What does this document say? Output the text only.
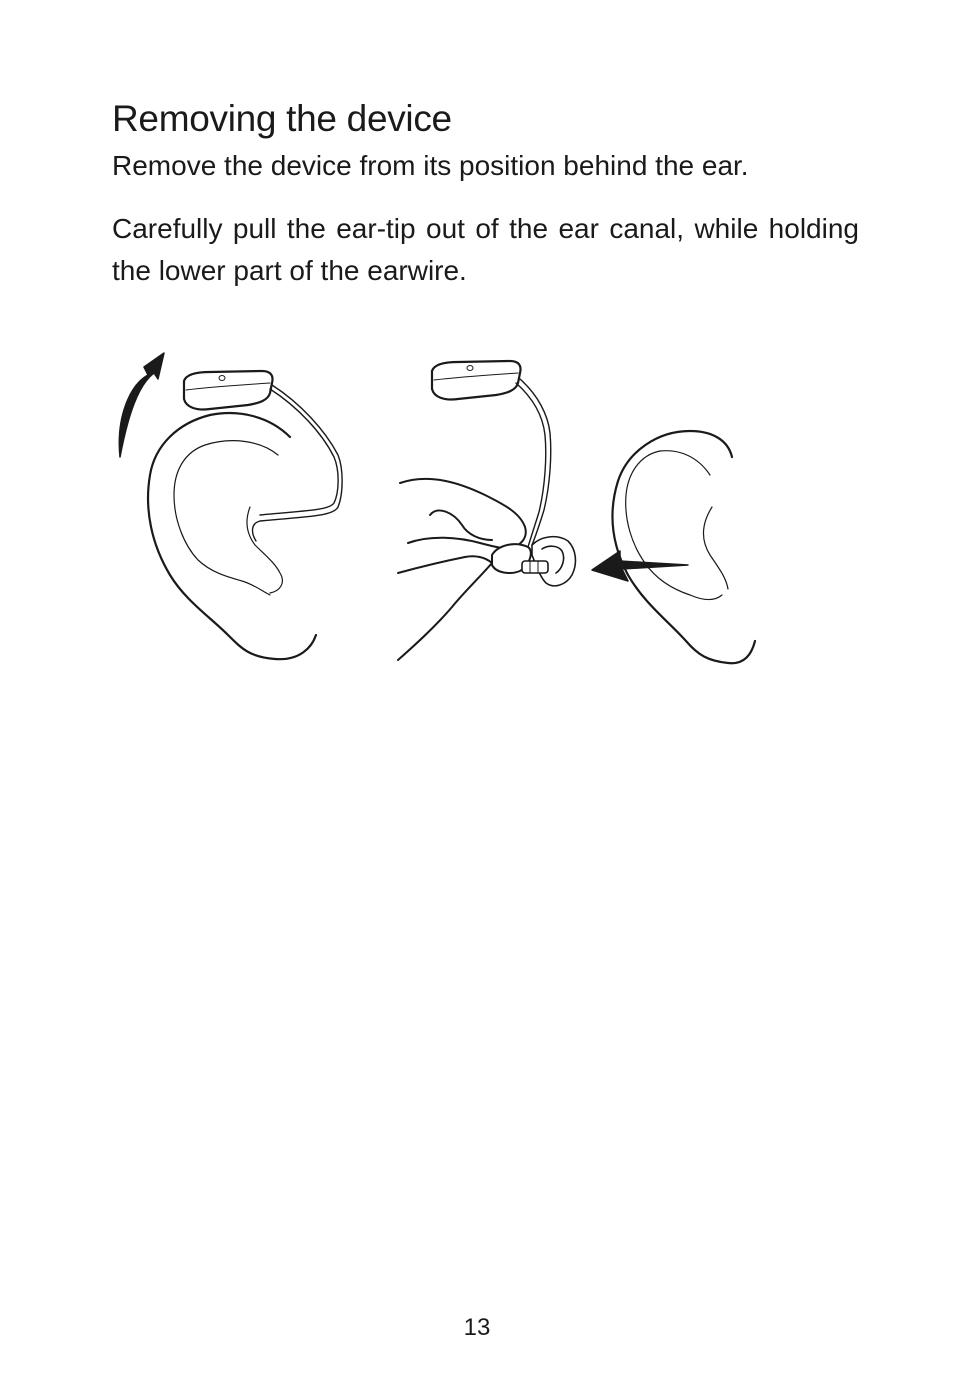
Removing the device

Remove the device from its position behind the ear.

Carefully pull the ear-tip out of the ear canal, while holding the lower part of the earwire.

13
